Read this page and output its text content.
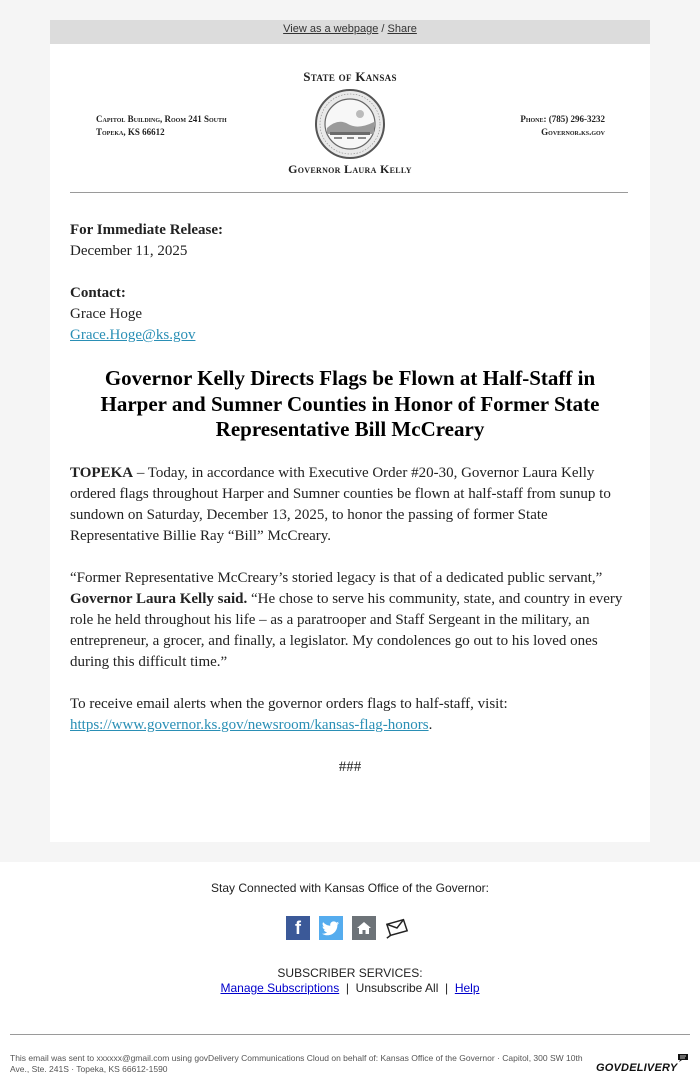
View as a webpage / Share
State of Kansas
Capitol Building, Room 241 South
Topeka, KS 66612
Phone: (785) 296-3232
Governor.ks.gov
Governor Laura Kelly

For Immediate Release:

December 11, 2025

Contact:

Grace Hoge

Grace.Hoge@ks.gov

Governor Kelly Directs Flags be Flown at Half-Staff in Harper and Sumner Counties in Honor of Former State Representative Bill McCreary

TOPEKA – Today, in accordance with Executive Order #20-30, Governor Laura Kelly ordered flags throughout Harper and Sumner counties be flown at half-staff from sunup to sundown on Saturday, December 13, 2025, to honor the passing of former State Representative Billie Ray “Bill” McCreary.

“Former Representative McCreary’s storied legacy is that of a dedicated public servant,” Governor Laura Kelly said. “He chose to serve his community, state, and country in every role he held throughout his life – as a paratrooper and Staff Sergeant in the military, an entrepreneur, a grocer, and finally, a legislator. My condolences go out to his loved ones during this difficult time.”

To receive email alerts when the governor orders flags to half-staff, visit: https://www.governor.ks.gov/newsroom/kansas-flag-honors.

###

Stay Connected with Kansas Office of the Governor:
f
SUBSCRIBER SERVICES:
Manage Subscriptions  |  Unsubscribe All  |  Help
This email was sent to xxxxxx@gmail.com using govDelivery Communications Cloud on behalf of: Kansas Office of the Governor · Capitol, 300 SW 10th Ave., Ste. 241S · Topeka, KS 66612-1590	GOVDELIVERY
